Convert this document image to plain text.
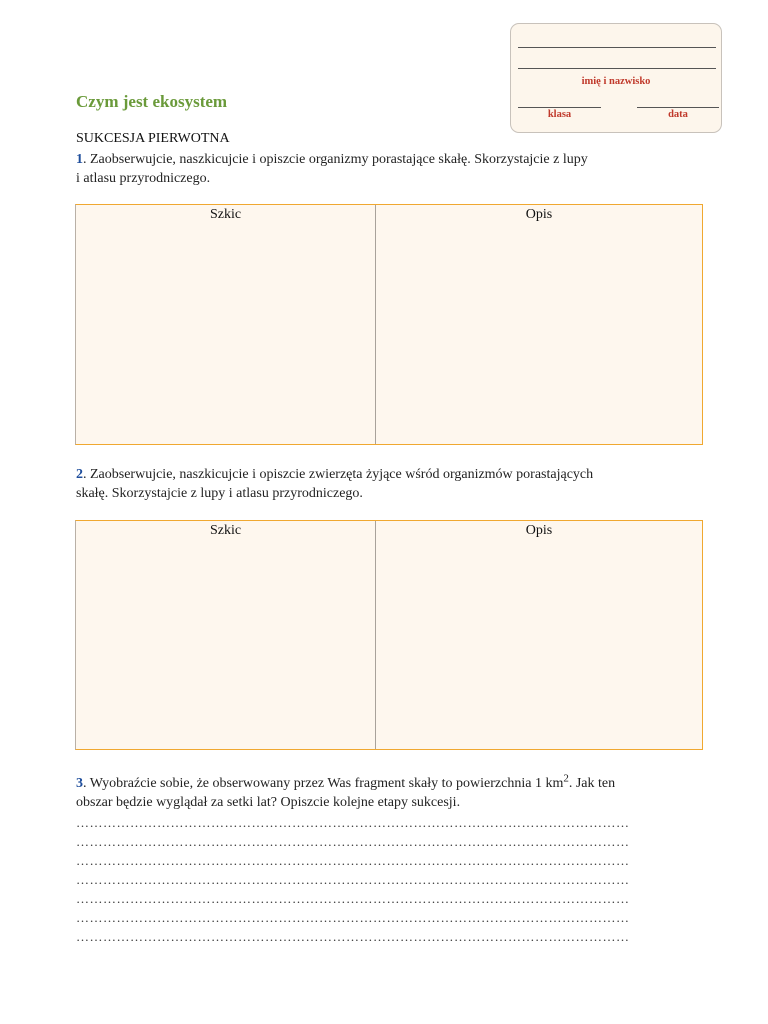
imię i nazwisko
klasa	data
Czym jest ekosystem
SUKCESJA PIERWOTNA
1. Zaobserwujcie, naszkicujcie i opiszcie organizmy porastające skałę. Skorzystajcie z lupy
i atlasu przyrodniczego.
Szkic	Opis
2. Zaobserwujcie, naszkicujcie i opiszcie zwierzęta żyjące wśród organizmów porastających
skałę. Skorzystajcie z lupy i atlasu przyrodniczego.
Szkic	Opis
3. Wyobraźcie sobie, że obserwowany przez Was fragment skały to powierzchnia 1 $km^2$. Jak ten
obszar będzie wyglądał za setki lat? Opiszcie kolejne etapy sukcesji.
……………………………………………………………………………………………………………
……………………………………………………………………………………………………………
……………………………………………………………………………………………………………
……………………………………………………………………………………………………………
……………………………………………………………………………………………………………
……………………………………………………………………………………………………………
……………………………………………………………………………………………………………
